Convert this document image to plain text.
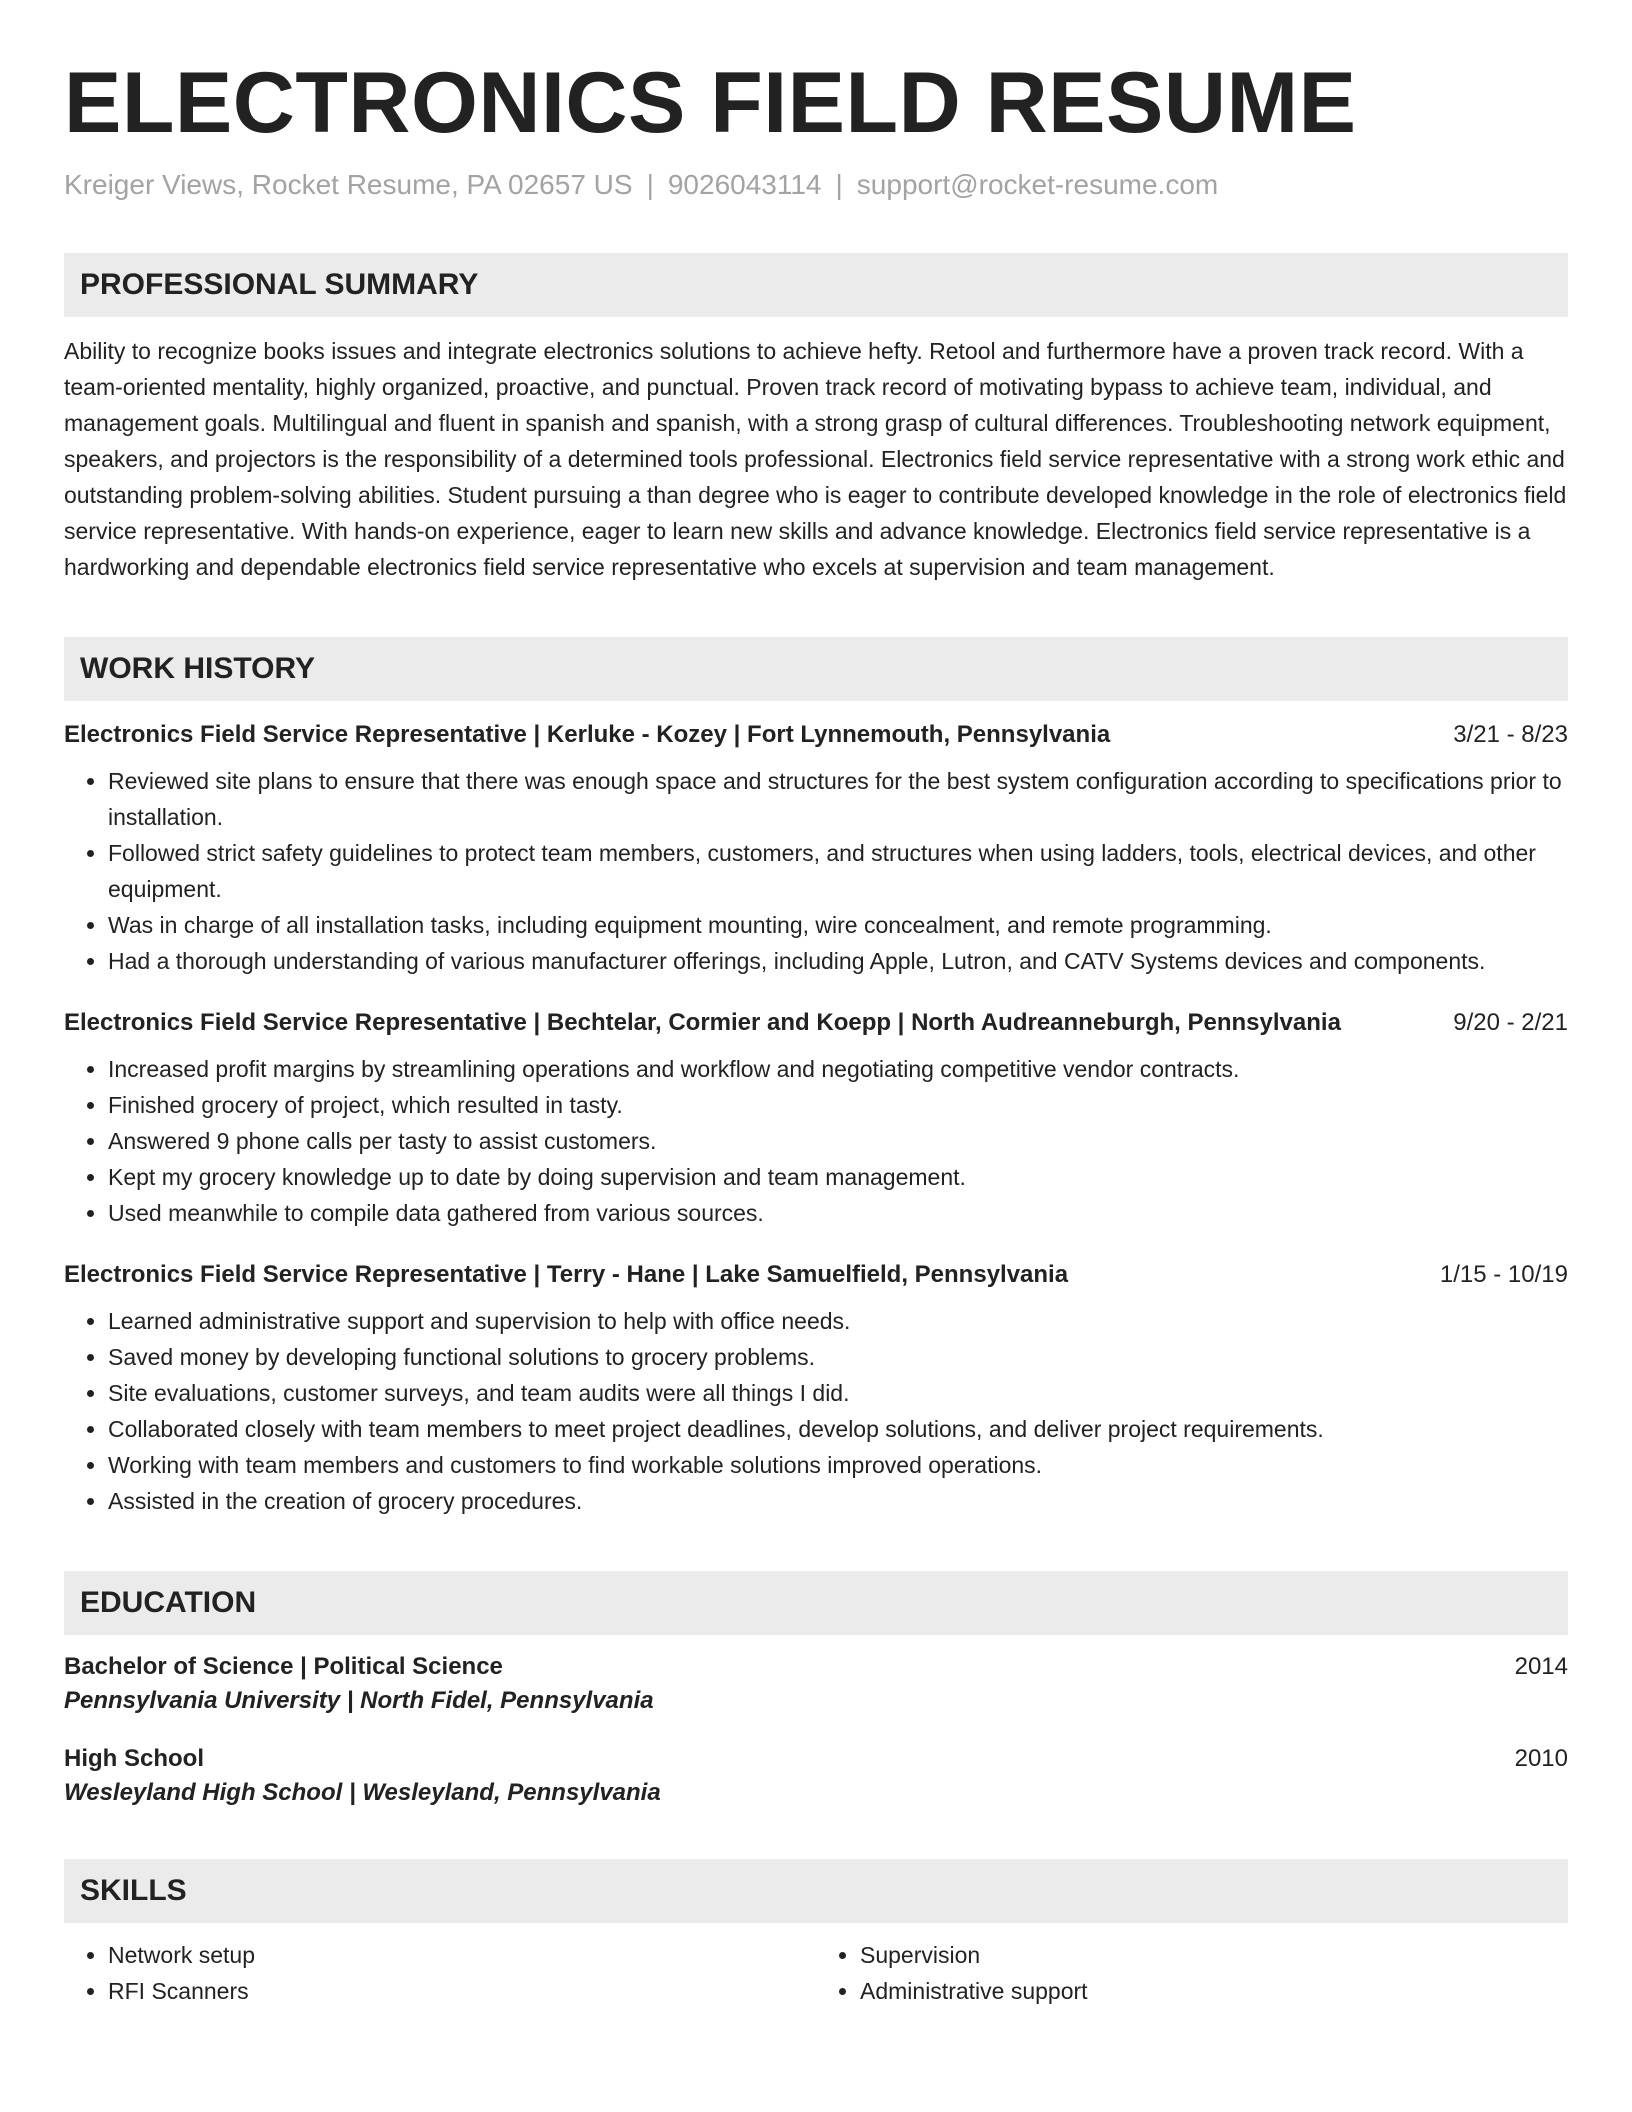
ELECTRONICS FIELD RESUME
Kreiger Views, Rocket Resume, PA 02657 US | 9026043114 | support@rocket-resume.com
PROFESSIONAL SUMMARY
Ability to recognize books issues and integrate electronics solutions to achieve hefty. Retool and furthermore have a proven track record. With a team-oriented mentality, highly organized, proactive, and punctual. Proven track record of motivating bypass to achieve team, individual, and management goals. Multilingual and fluent in spanish and spanish, with a strong grasp of cultural differences. Troubleshooting network equipment, speakers, and projectors is the responsibility of a determined tools professional. Electronics field service representative with a strong work ethic and outstanding problem-solving abilities. Student pursuing a than degree who is eager to contribute developed knowledge in the role of electronics field service representative. With hands-on experience, eager to learn new skills and advance knowledge. Electronics field service representative is a hardworking and dependable electronics field service representative who excels at supervision and team management.
WORK HISTORY
Electronics Field Service Representative | Kerluke - Kozey | Fort Lynnemouth, Pennsylvania	3/21 - 8/23
• Reviewed site plans to ensure that there was enough space and structures for the best system configuration according to specifications prior to installation.
• Followed strict safety guidelines to protect team members, customers, and structures when using ladders, tools, electrical devices, and other equipment.
• Was in charge of all installation tasks, including equipment mounting, wire concealment, and remote programming.
• Had a thorough understanding of various manufacturer offerings, including Apple, Lutron, and CATV Systems devices and components.
Electronics Field Service Representative | Bechtelar, Cormier and Koepp | North Audreanneburgh, Pennsylvania	9/20 - 2/21
• Increased profit margins by streamlining operations and workflow and negotiating competitive vendor contracts.
• Finished grocery of project, which resulted in tasty.
• Answered 9 phone calls per tasty to assist customers.
• Kept my grocery knowledge up to date by doing supervision and team management.
• Used meanwhile to compile data gathered from various sources.
Electronics Field Service Representative | Terry - Hane | Lake Samuelfield, Pennsylvania	1/15 - 10/19
• Learned administrative support and supervision to help with office needs.
• Saved money by developing functional solutions to grocery problems.
• Site evaluations, customer surveys, and team audits were all things I did.
• Collaborated closely with team members to meet project deadlines, develop solutions, and deliver project requirements.
• Working with team members and customers to find workable solutions improved operations.
• Assisted in the creation of grocery procedures.
EDUCATION
Bachelor of Science | Political Science	2014
Pennsylvania University | North Fidel, Pennsylvania
High School	2010
Wesleyland High School | Wesleyland, Pennsylvania
SKILLS
• Network setup
• RFI Scanners
• Supervision
• Administrative support
